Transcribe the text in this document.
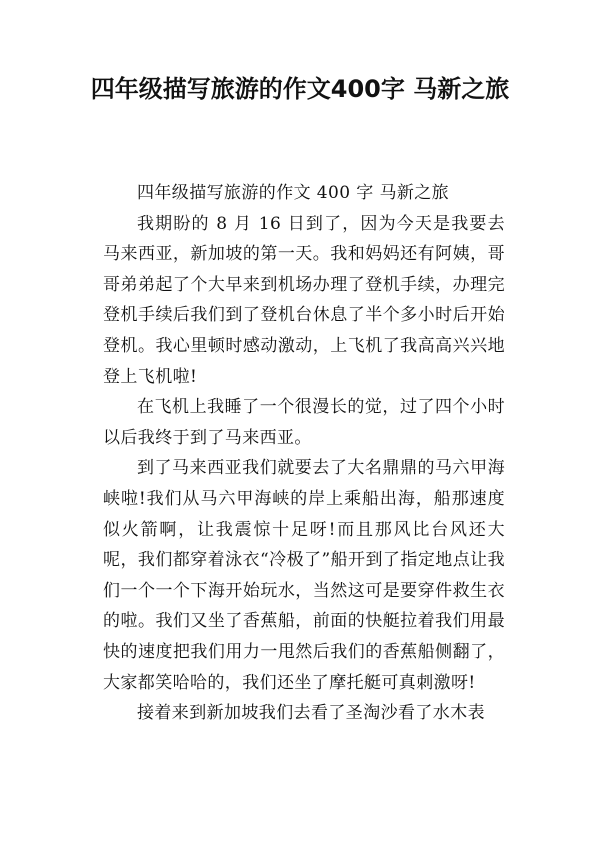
四年级描写旅游的作文400字 马新之旅

四年级描写旅游的作文 400 字 马新之旅

我期盼的 8 月 16 日到了，因为今天是我要去马来西亚，新加坡的第一天。我和妈妈还有阿姨，哥哥弟弟起了个大早来到机场办理了登机手续，办理完登机手续后我们到了登机台休息了半个多小时后开始登机。我心里顿时感动激动，上飞机了我高高兴兴地登上飞机啦!

在飞机上我睡了一个很漫长的觉，过了四个小时以后我终于到了马来西亚。

到了马来西亚我们就要去了大名鼎鼎的马六甲海峡啦!我们从马六甲海峡的岸上乘船出海，船那速度似火箭啊，让我震惊十足呀!而且那风比台风还大呢，我们都穿着泳衣“冷极了”船开到了指定地点让我们一个一个下海开始玩水，当然这可是要穿件救生衣的啦。我们又坐了香蕉船，前面的快艇拉着我们用最快的速度把我们用力一甩然后我们的香蕉船侧翻了，大家都笑哈哈的，我们还坐了摩托艇可真刺激呀!

接着来到新加坡我们去看了圣淘沙看了水木表
